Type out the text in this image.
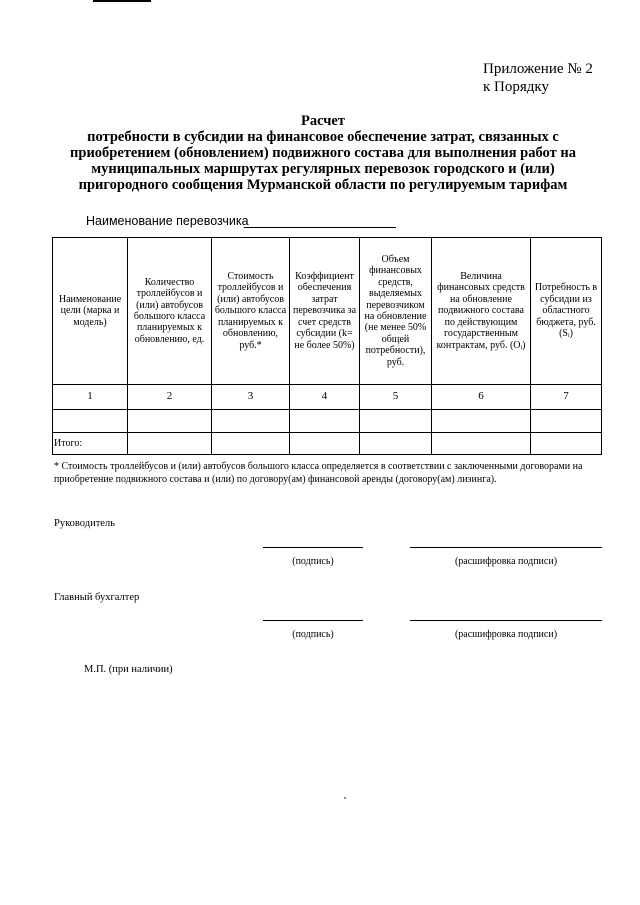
Приложение № 2
к Порядку
Расчет
потребности в субсидии на финансовое обеспечение затрат, связанных с
приобретением (обновлением) подвижного состава для выполнения работ на
муниципальных маршрутах регулярных перевозок городского и (или)
пригородного сообщения Мурманской области по регулируемым тарифам
Наименование перевозчика
Наименование цели (марка и модель)	Количество троллейбусов и (или) автобусов большого класса планируемых к обновлению, ед.	Стоимость троллейбусов и (или) автобусов большого класса планируемых к обновлению, руб.*	Коэффициент обеспечения затрат перевозчика за счет средств субсидии (k= не более 50%)	Объем финансовых средств, выделяемых перевозчиком на обновление (не менее 50% общей потребности), руб.	Величина финансовых средств на обновление подвижного состава по действующим государственным контрактам, руб. (Oᵢ)	Потребность в субсидии из областного бюджета, руб. (Sᵢ)
1	2	3	4	5	6	7

Итого:						
* Стоимость троллейбусов и (или) автобусов большого класса определяется в соответствии с заключенными договорами на приобретение подвижного состава и (или) по договору(ам) финансовой аренды (договору(ам) лизинга).
Руководитель
(подпись)	(расшифровка подписи)
Главный бухгалтер
(подпись)	(расшифровка подписи)
М.П. (при наличии)
